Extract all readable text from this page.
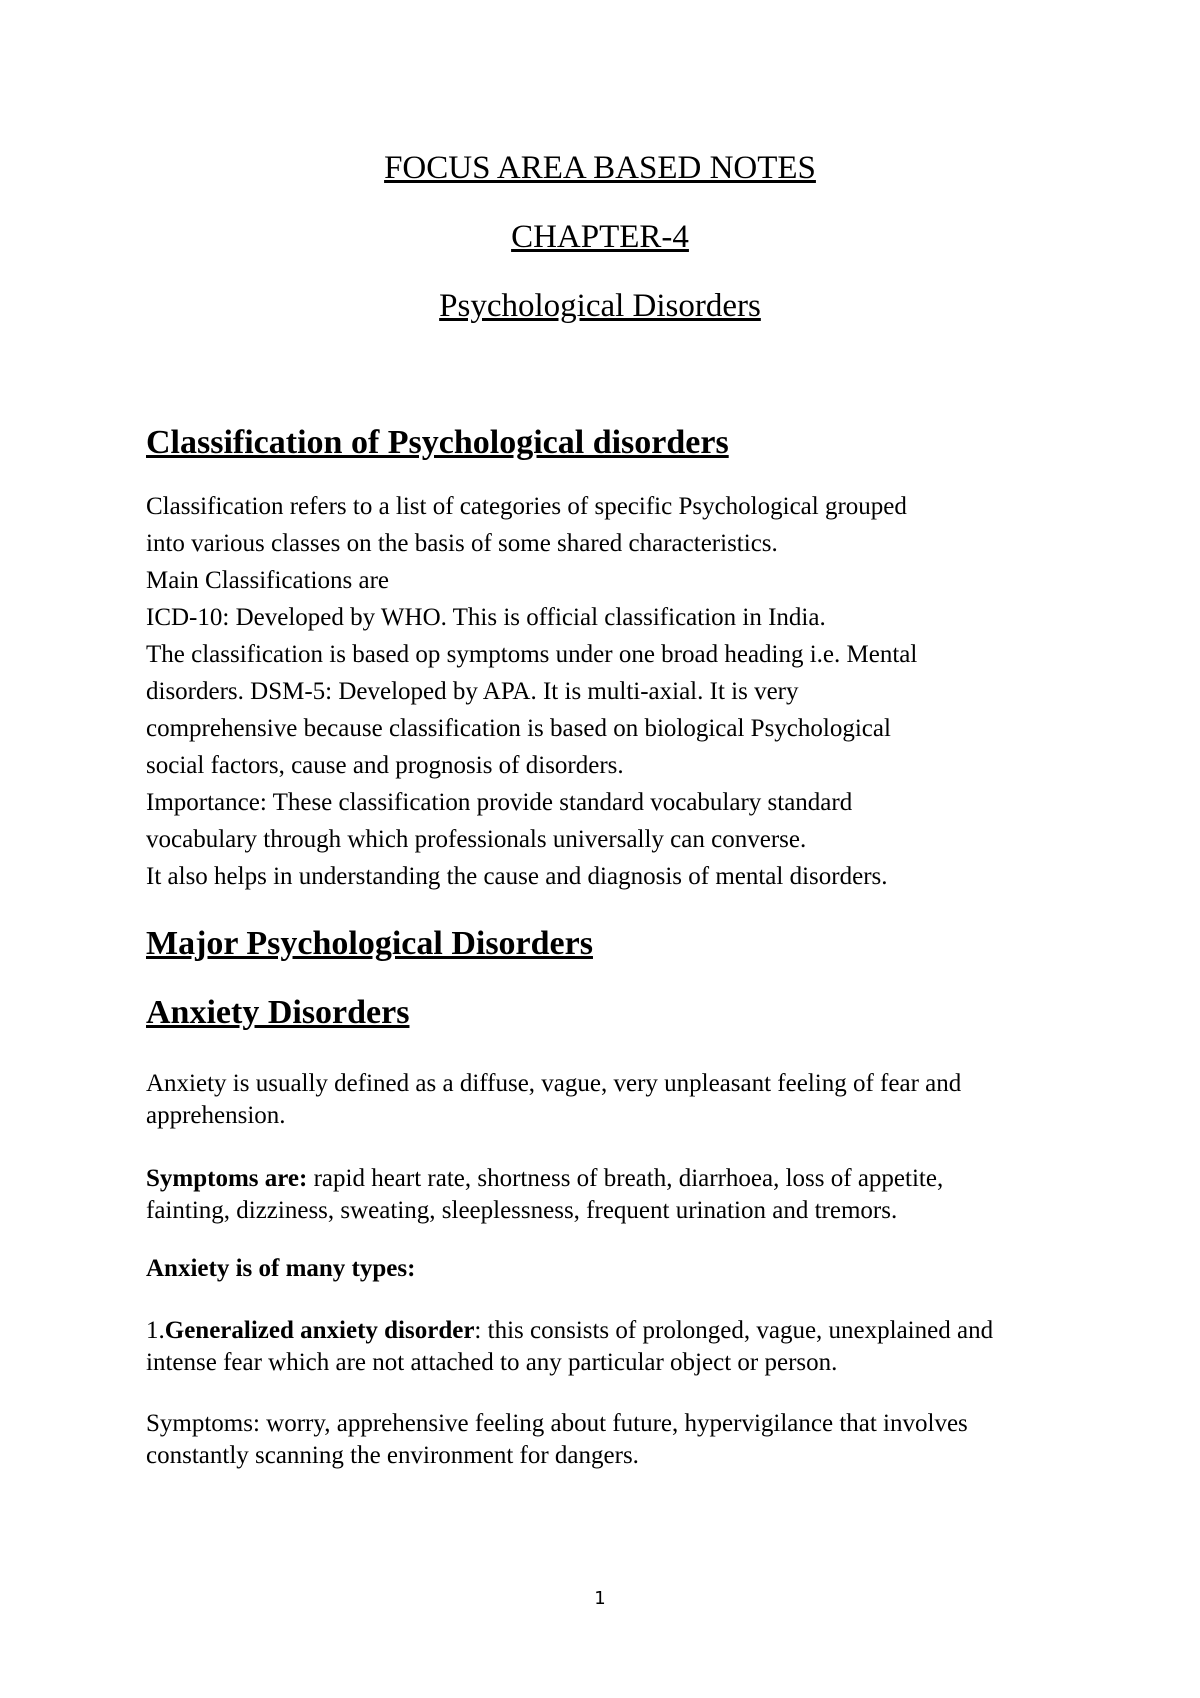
FOCUS AREA BASED NOTES
CHAPTER-4
Psychological Disorders
Classification of Psychological disorders
Classification refers to a list of categories of specific Psychological grouped
into various classes on the basis of some shared characteristics.
Main Classifications are
ICD-10: Developed by WHO. This is official classification in India.
The classification is based op symptoms under one broad heading i.e. Mental
disorders. DSM-5: Developed by APA. It is multi-axial. It is very
comprehensive because classification is based on biological Psychological
social factors, cause and prognosis of disorders.
Importance: These classification provide standard vocabulary standard
vocabulary through which professionals universally can converse.
It also helps in understanding the cause and diagnosis of mental disorders.
Major Psychological Disorders
Anxiety Disorders
Anxiety is usually defined as a diffuse, vague, very unpleasant feeling of fear and
apprehension.
Symptoms are: rapid heart rate, shortness of breath, diarrhoea, loss of appetite,
fainting, dizziness, sweating, sleeplessness, frequent urination and tremors.
Anxiety is of many types:
1.Generalized anxiety disorder: this consists of prolonged, vague, unexplained and
intense fear which are not attached to any particular object or person.
Symptoms: worry, apprehensive feeling about future, hypervigilance that involves
constantly scanning the environment for dangers.
1
